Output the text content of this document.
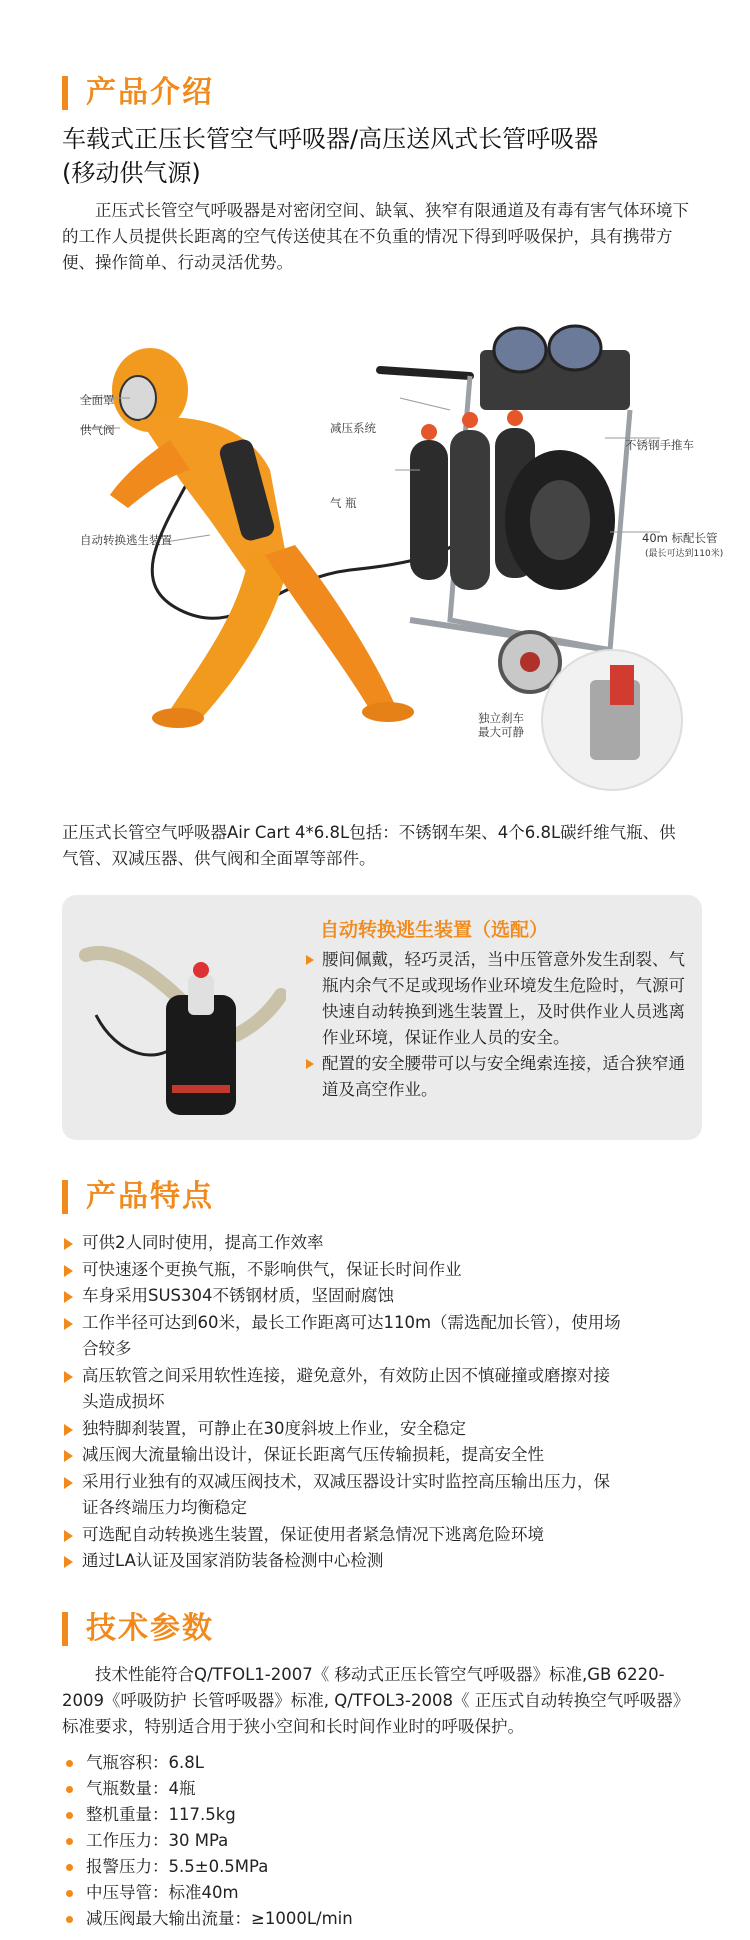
产品介绍
车载式正压长管空气呼吸器/高压送风式长管呼吸器
(移动供气源)
正压式长管空气呼吸器是对密闭空间、缺氧、狭窄有限通道及有毒有害气体环境下的工作人员提供长距离的空气传送使其在不负重的情况下得到呼吸保护，具有携带方便、操作简单、行动灵活优势。
全面罩
供气阀
自动转换逃生装置
减压系统
气 瓶
不锈钢手推车
40m 标配长管
(最长可达到110米)
独立刹车
最大可静
正压式长管空气呼吸器Air Cart 4*6.8L包括：不锈钢车架、4个6.8L碳纤维气瓶、供气管、双减压器、供气阀和全面罩等部件。
自动转换逃生装置（选配）
腰间佩戴，轻巧灵活，当中压管意外发生刮裂、气瓶内余气不足或现场作业环境发生危险时，气源可快速自动转换到逃生装置上，及时供作业人员逃离作业环境，保证作业人员的安全。
配置的安全腰带可以与安全绳索连接，适合狭窄通道及高空作业。
产品特点
可供2人同时使用，提高工作效率
可快速逐个更换气瓶，不影响供气，保证长时间作业
车身采用SUS304不锈钢材质，坚固耐腐蚀
工作半径可达到60米，最长工作距离可达110m（需选配加长管），使用场合较多
高压软管之间采用软性连接，避免意外，有效防止因不慎碰撞或磨擦对接头造成损坏
独特脚刹装置，可静止在30度斜坡上作业，安全稳定
减压阀大流量输出设计，保证长距离气压传输损耗，提高安全性
采用行业独有的双减压阀技术，双减压器设计实时监控高压输出压力，保证各终端压力均衡稳定
可选配自动转换逃生装置，保证使用者紧急情况下逃离危险环境
通过LA认证及国家消防装备检测中心检测
技术参数
技术性能符合Q/TFOL1-2007《 移动式正压长管空气呼吸器》标准,GB 6220-2009《呼吸防护 长管呼吸器》标准, Q/TFOL3-2008《 正压式自动转换空气呼吸器》标准要求，特别适合用于狭小空间和长时间作业时的呼吸保护。
气瓶容积：6.8L
气瓶数量：4瓶
整机重量：117.5kg
工作压力：30 MPa
报警压力：5.5±0.5MPa
中压导管：标准40m
减压阀最大输出流量：≥1000L/min
